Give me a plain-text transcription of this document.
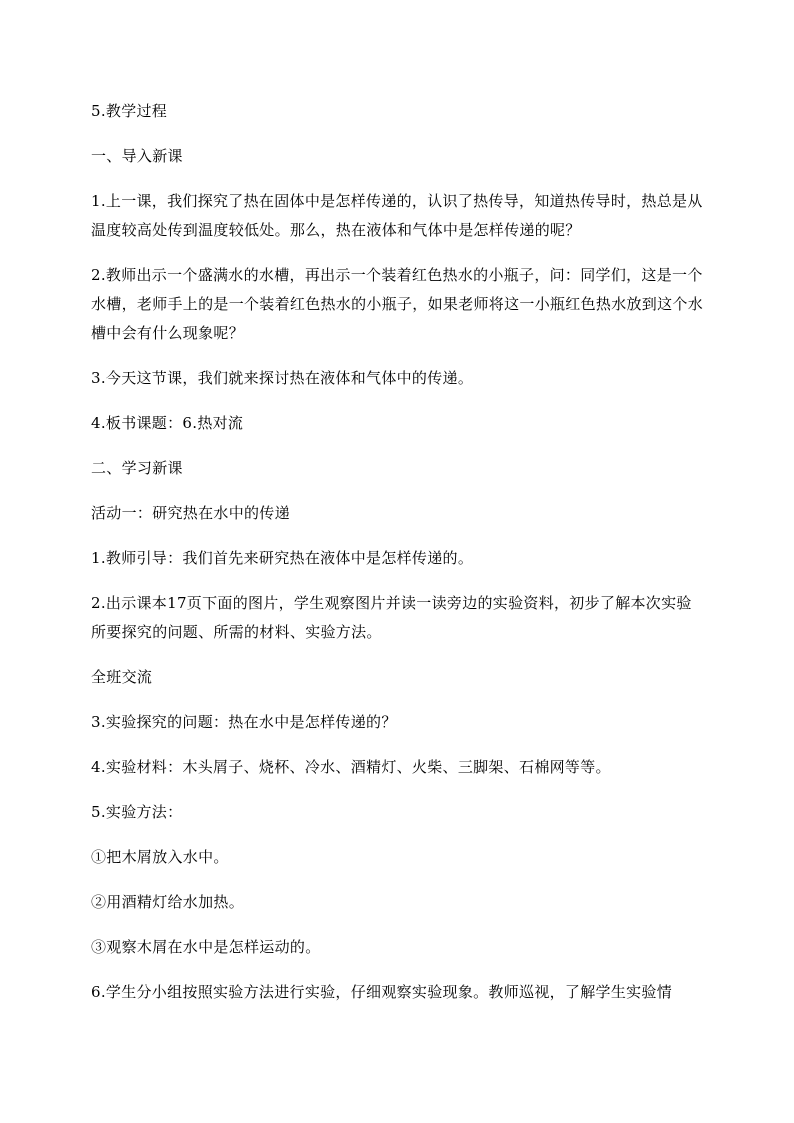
5.教学过程

一、导入新课

1.上一课，我们探究了热在固体中是怎样传递的，认识了热传导，知道热传导时，热总是从温度较高处传到温度较低处。那么，热在液体和气体中是怎样传递的呢？

2.教师出示一个盛满水的水槽，再出示一个装着红色热水的小瓶子，问：同学们，这是一个水槽，老师手上的是一个装着红色热水的小瓶子，如果老师将这一小瓶红色热水放到这个水槽中会有什么现象呢？

3.今天这节课，我们就来探讨热在液体和气体中的传递。

4.板书课题：6.热对流

二、学习新课

活动一：研究热在水中的传递

1.教师引导：我们首先来研究热在液体中是怎样传递的。

2.出示课本17页下面的图片，学生观察图片并读一读旁边的实验资料，初步了解本次实验所要探究的问题、所需的材料、实验方法。

全班交流

3.实验探究的问题：热在水中是怎样传递的？

4.实验材料：木头屑子、烧杯、冷水、酒精灯、火柴、三脚架、石棉网等等。

5.实验方法：

①把木屑放入水中。

②用酒精灯给水加热。

③观察木屑在水中是怎样运动的。

6.学生分小组按照实验方法进行实验，仔细观察实验现象。教师巡视，了解学生实验情
